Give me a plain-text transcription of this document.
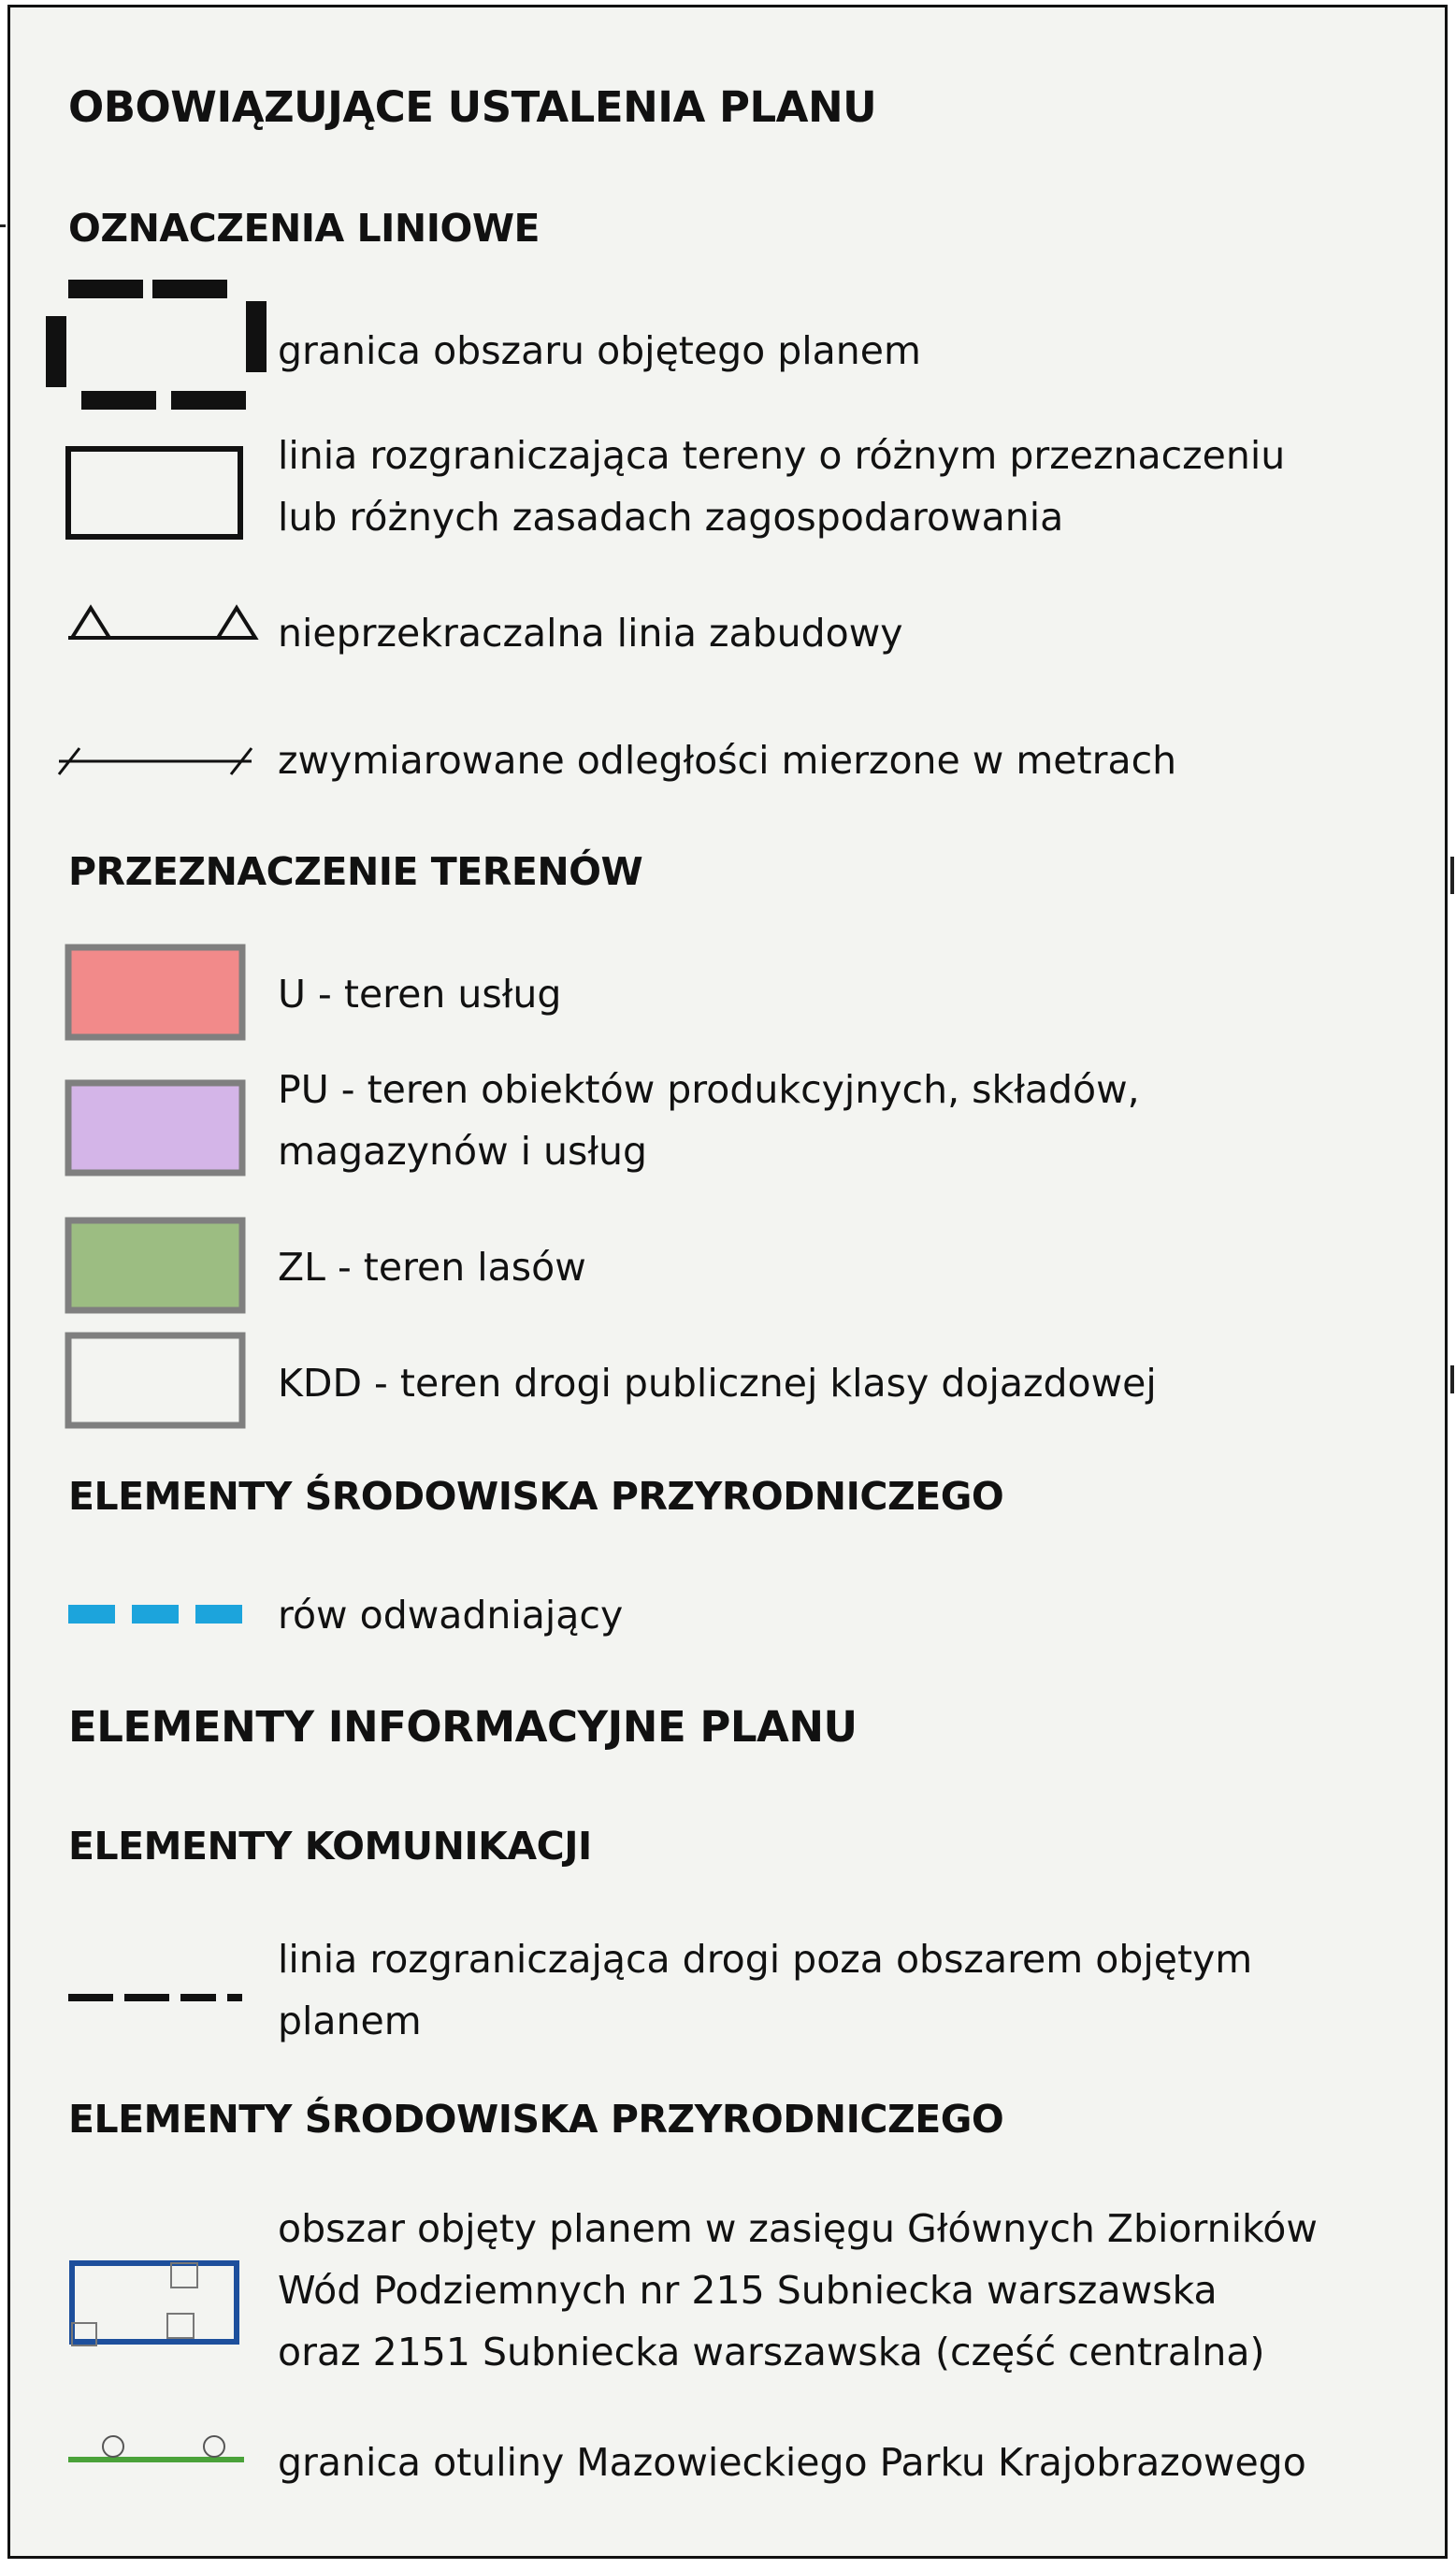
OBOWIĄZUJĄCE USTALENIA PLANU
OZNACZENIA LINIOWE
granica obszaru objętego planem
linia rozgraniczająca tereny o różnym przeznaczeniu
lub różnych zasadach zagospodarowania
nieprzekraczalna linia zabudowy
zwymiarowane odległości mierzone w metrach
PRZEZNACZENIE TERENÓW
U - teren usług
PU - teren obiektów produkcyjnych, składów,
magazynów i usług
ZL - teren lasów
KDD - teren drogi publicznej klasy dojazdowej
ELEMENTY ŚRODOWISKA PRZYRODNICZEGO
rów odwadniający
ELEMENTY INFORMACYJNE PLANU
ELEMENTY KOMUNIKACJI
linia rozgraniczająca drogi poza obszarem objętym
planem
ELEMENTY ŚRODOWISKA PRZYRODNICZEGO
obszar objęty planem w zasięgu Głównych Zbiorników
Wód Podziemnych nr 215 Subniecka warszawska
oraz 2151 Subniecka warszawska (część centralna)
granica otuliny Mazowieckiego Parku Krajobrazowego
